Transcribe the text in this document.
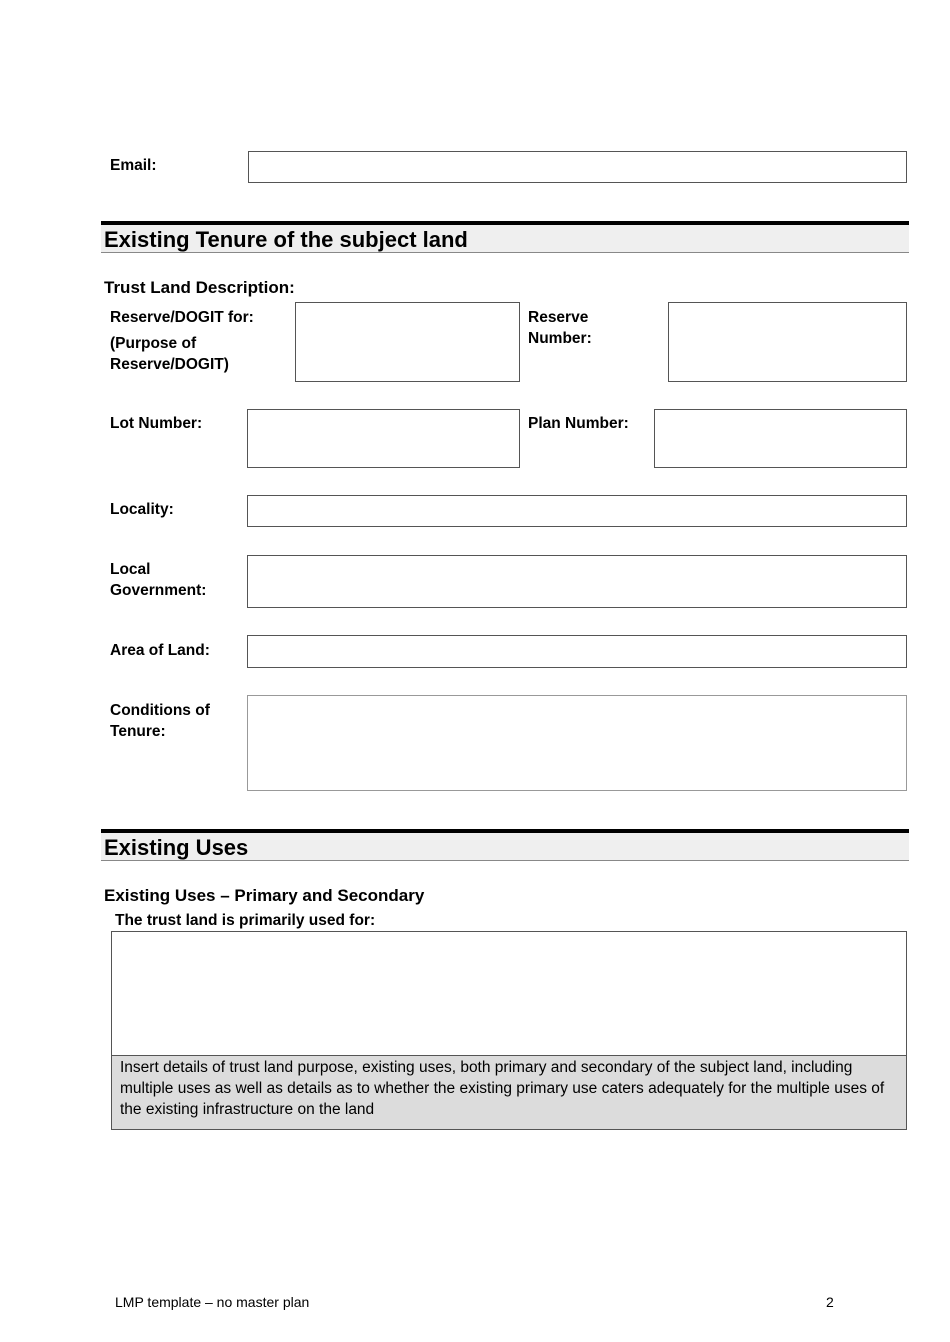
Email:
Existing Tenure of the subject land
Trust Land Description:
Reserve/DOGIT for:
(Purpose of Reserve/DOGIT)
Reserve Number:
Lot Number:	Plan Number:
Locality:
Local Government:
Area of Land:
Conditions of Tenure:
Existing Uses
Existing Uses – Primary and Secondary
The trust land is primarily used for:
Insert details of trust land purpose, existing uses, both primary and secondary of the subject land, including multiple uses as well as details as to whether the existing primary use caters adequately for the multiple uses of the existing infrastructure on the land
LMP template – no master plan	2
